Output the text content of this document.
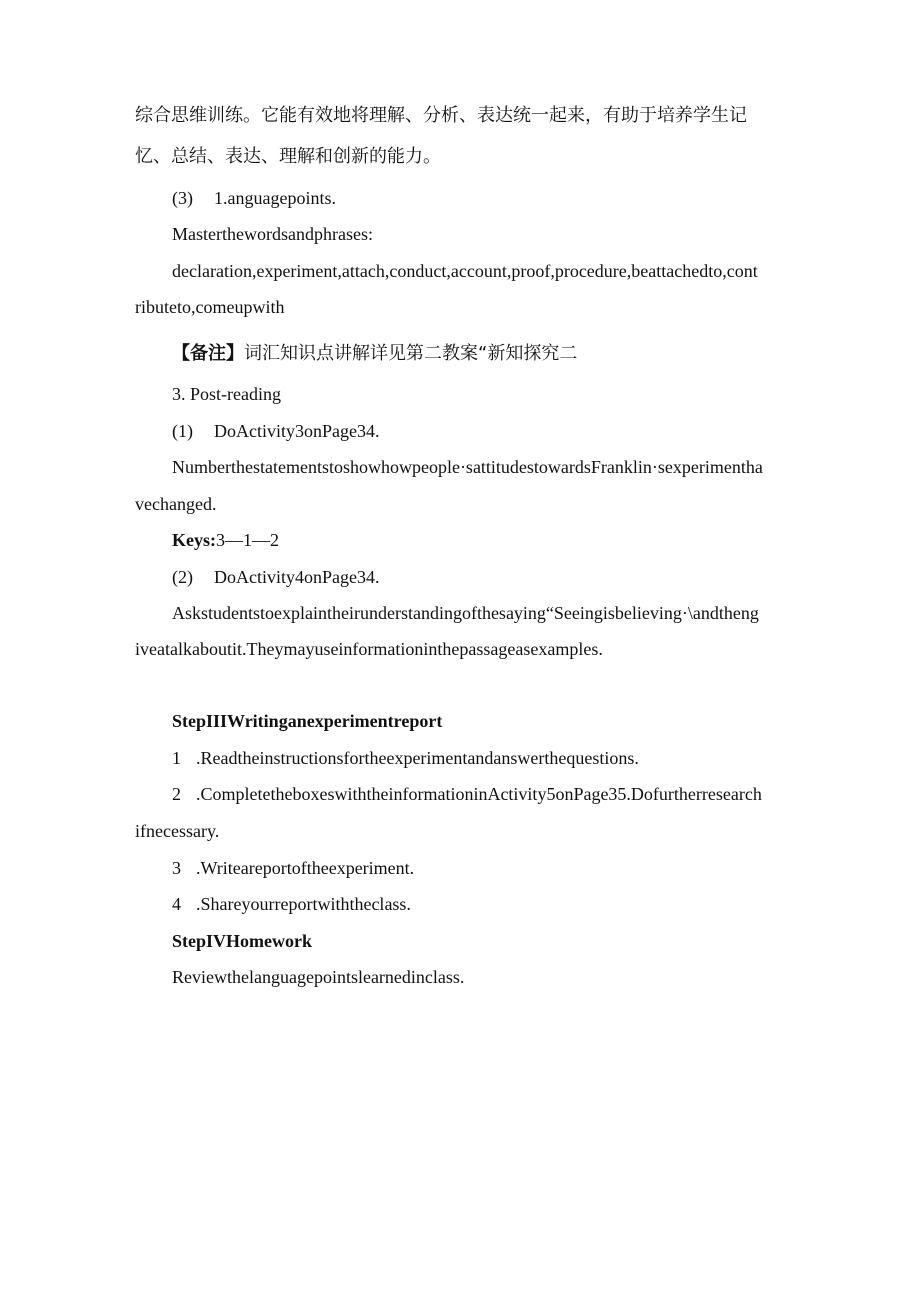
综合思维训练。它能有效地将理解、分析、表达统一起来，有助于培养学生记
忆、总结、表达、理解和创新的能力。
(3) 1.anguagepoints.
Masterthewordsandphrases:
declaration,experiment,attach,conduct,account,proof,procedure,beattachedto,cont
ributeto,comeupwith
【备注】词汇知识点讲解详见第二教案“新知探究二
3. Post-reading
(1) DoActivity3onPage34.
Numberthestatementstoshowhowpeople·sattitudestowardsFranklin·sexperimentha
vechanged.
Keys:3—1—2
(2) DoActivity4onPage34.
Askstudentstoexplaintheirunderstandingofthesaying“Seeingisbelieving·\andtheng
iveatalkaboutit.Theymayuseinformationinthepassageasexamples.
StepIIIWritinganexperimentreport
1 .Readtheinstructionsfortheexperimentandanswerthequestions.
2 .CompletetheboxeswiththeinformationinActivity5onPage35.Dofurtherresearch
ifnecessary.
3 .Writeareportoftheexperiment.
4 .Shareyourreportwiththeclass.
StepIVHomework
Reviewthelanguagepointslearnedinclass.
